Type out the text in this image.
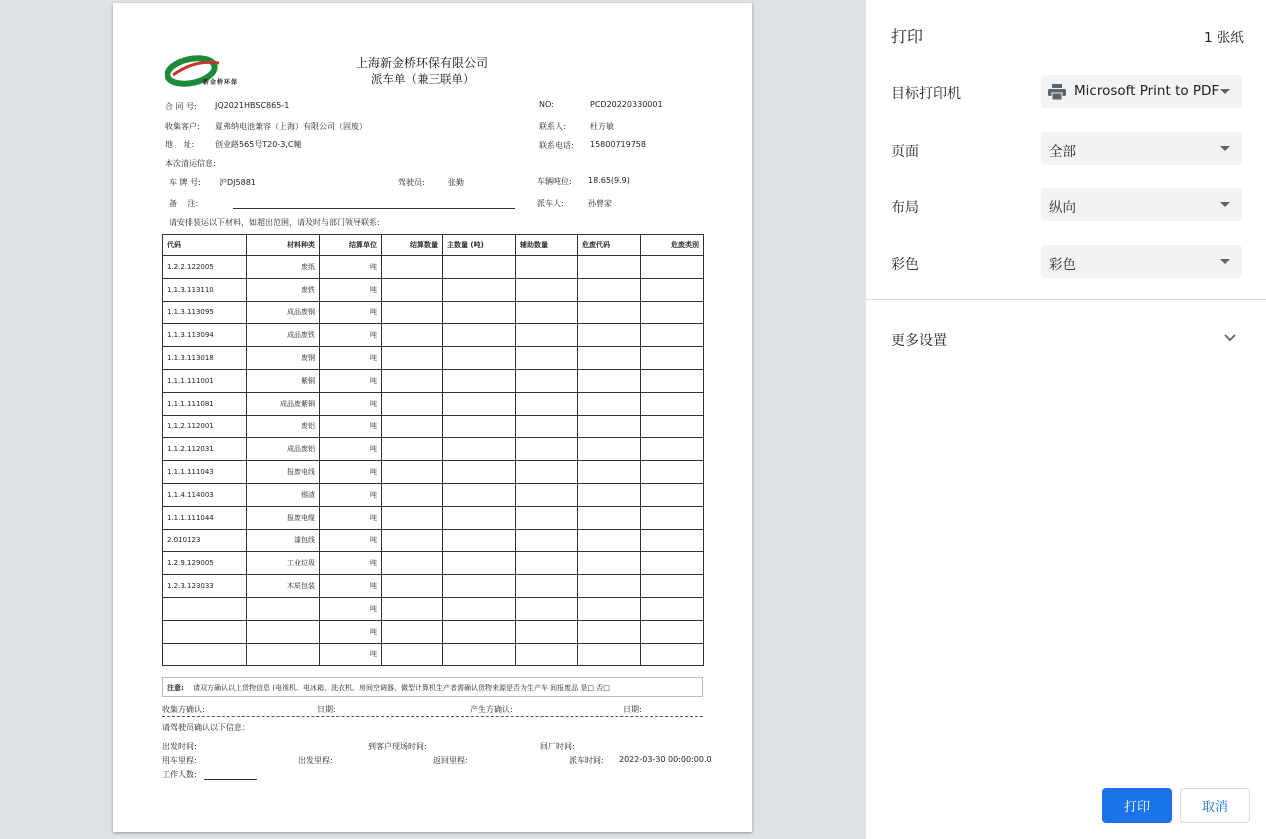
新金桥环保
上海新金桥环保有限公司
派车单（兼三联单）
合 同 号: JQ2021HBSC865-1	NO:	PCD20220330001
收集客户: 夏弗纳电池兼容（上海）有限公司（固废）	联系人:	杜方敏
地　 址:	创业路565号T20-3,C幢	联系电话: 15800719758
本次清运信息:
车 牌 号: 沪DJ5881	驾驶员:	张勤	车辆吨位: 18.65(9.9)
备　 注:	派车人:	孙曾家
请安排装运以下材料，如超出范围，请及时与部门领导联系:
代码	材料种类	结算单位	结算数量	主数量 (吨)	辅助数量	危废代码	危废类别
1.2.2.122005	废纸	吨					
1.1.3.113110	废铁	吨					
1.1.3.113095	成品废钢	吨					
1.1.3.113094	成品废铁	吨					
1.1.3.113018	废钢	吨					
1.1.1.111001	紫铜	吨					
1.1.1.111081	成品废紫铜	吨					
1.1.2.112001	废铝	吨					
1.1.2.112031	成品废铝	吨					
1.1.1.111043	报废电线	吨					
1.1.4.114003	锡渣	吨					
1.1.1.111044	报废电缆	吨					
2.010123	漆包线	吨					
1.2.9.129005	工业垃圾	吨					
1.2.3.123033	木质包装	吨					
		吨					
		吨					
		吨					
注意: 请双方确认以上货物信息 (电视机、电冰箱、洗衣机、房间空调器、微型计算机生产者需确认货物来源是否为生产车 间报废品 是□ 否□
收集方确认:	日期:	产生方确认:	日期:
请驾驶员确认以下信息：
出发时间:	到客户现场时间:	回厂时间:
用车里程:	出发里程:	返回里程:	派车时间: 2022-03-30 00:00:00.0
工作人数:
打印	1 张纸
目标打印机	Microsoft Print to PDF
页面	全部
布局	纵向
彩色	彩色
更多设置
打印	取消
